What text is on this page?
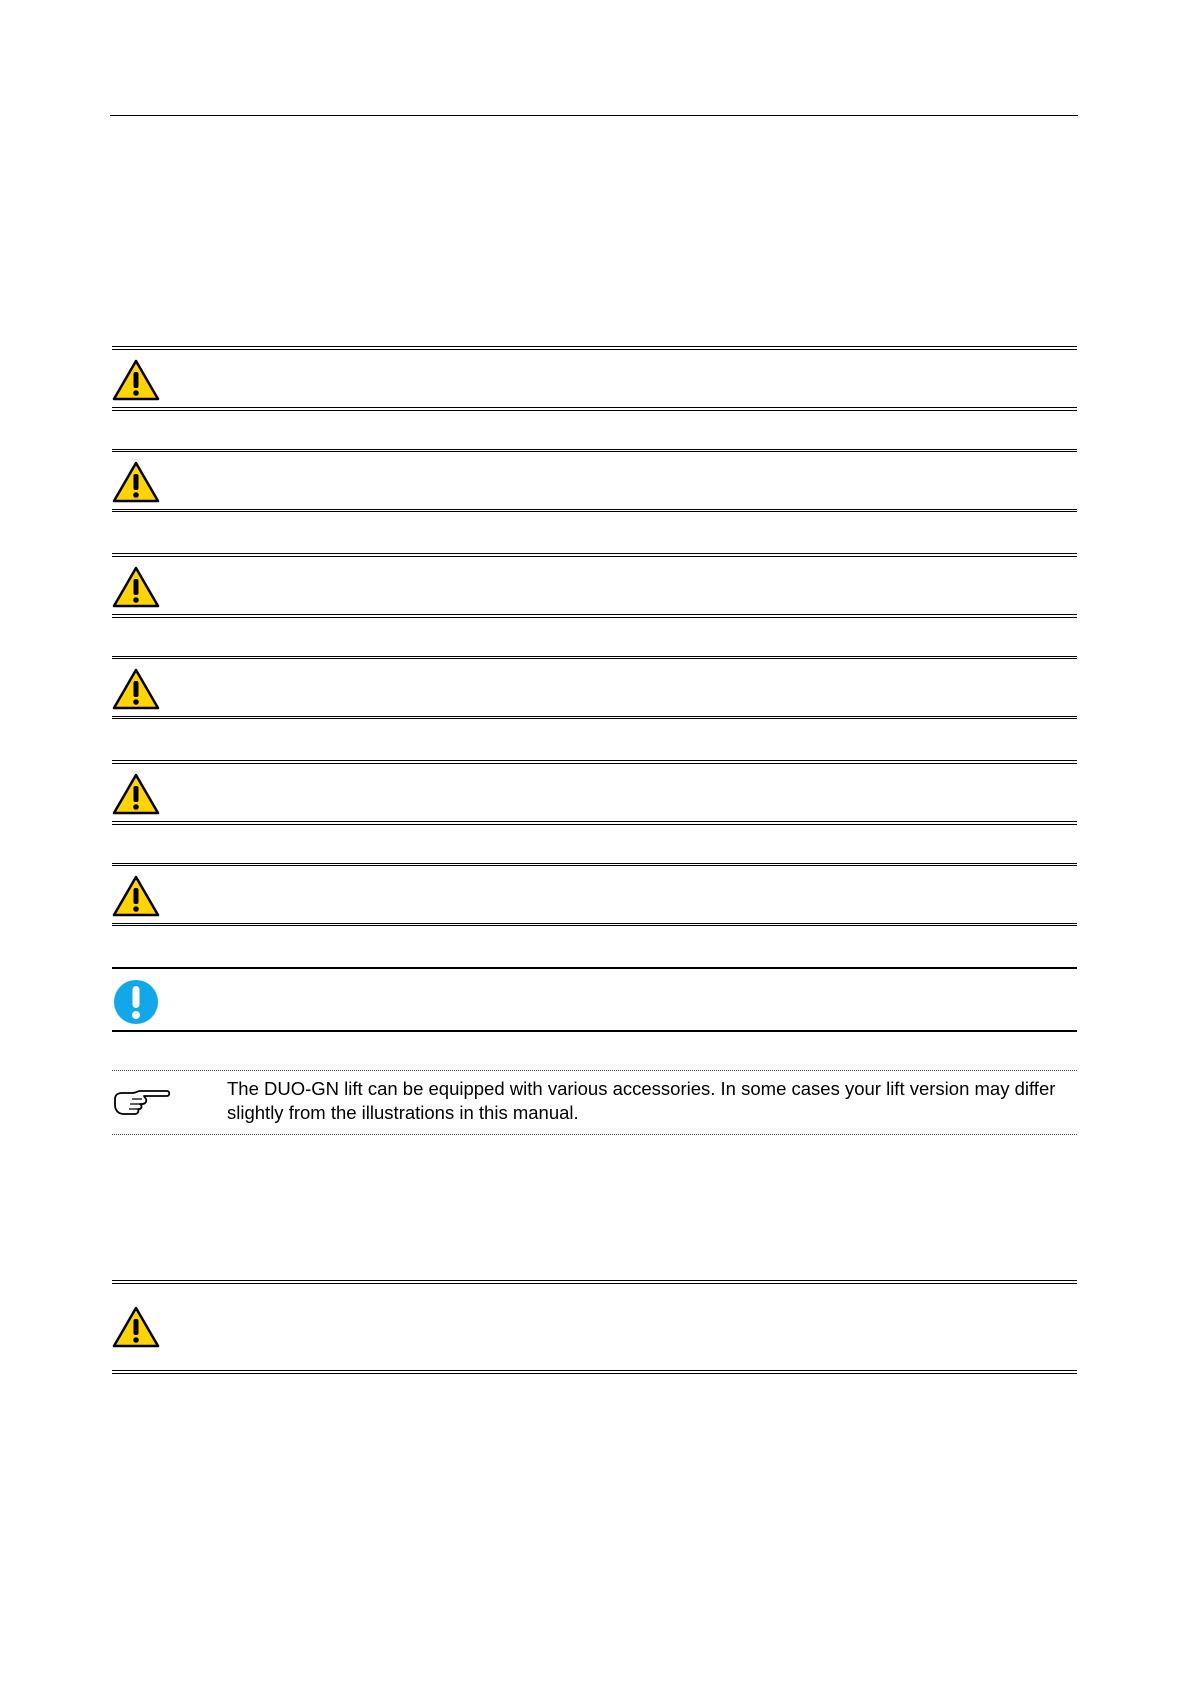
The DUO-GN lift can be equipped with various accessories. In some cases your lift version may differ slightly from the illustrations in this manual.
